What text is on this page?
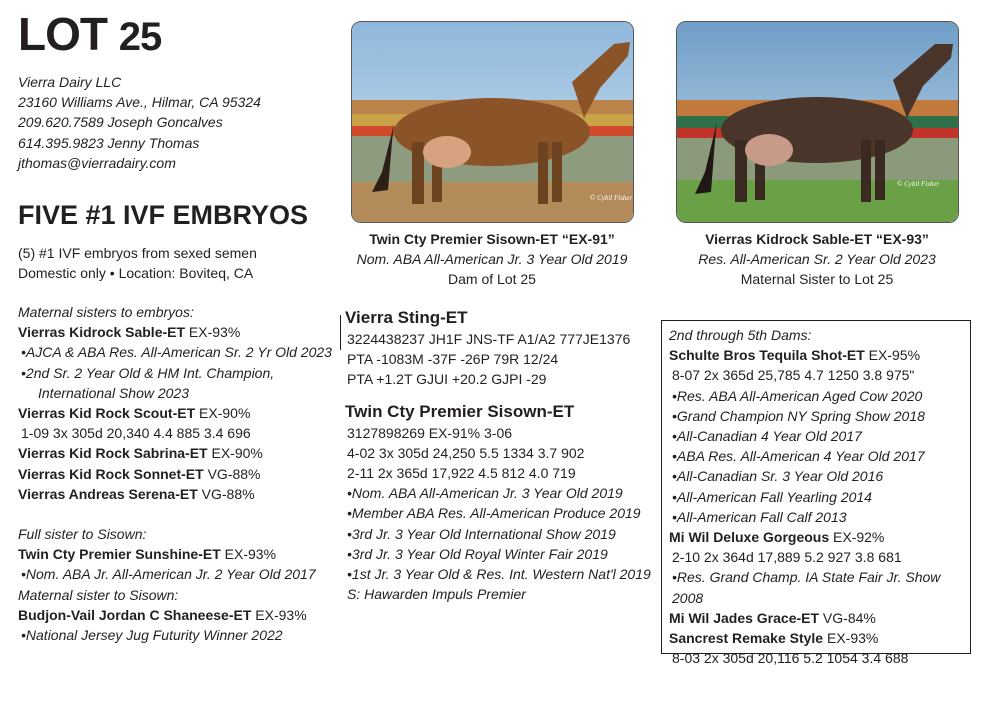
LOT 25
Vierra Dairy LLC
23160 Williams Ave., Hilmar, CA 95324
209.620.7589 Joseph Goncalves
614.395.9823 Jenny Thomas
jthomas@vierradairy.com
FIVE #1 IVF EMBRYOS
(5) #1 IVF embryos from sexed semen
Domestic only • Location: Boviteq, CA
Maternal sisters to embryos:
Vierras Kidrock Sable-ET EX-93%
•AJCA & ABA Res. All-American Sr. 2 Yr Old 2023
•2nd Sr. 2 Year Old & HM Int. Champion,
International Show 2023
Vierras Kid Rock Scout-ET EX-90%
1-09 3x 305d 20,340 4.4 885 3.4 696
Vierras Kid Rock Sabrina-ET EX-90%
Vierras Kid Rock Sonnet-ET VG-88%
Vierras Andreas Serena-ET VG-88%
Full sister to Sisown:
Twin Cty Premier Sunshine-ET EX-93%
•Nom. ABA Jr. All-American Jr. 2 Year Old 2017
Maternal sister to Sisown:
Budjon-Vail Jordan C Shaneese-ET EX-93%
•National Jersey Jug Futurity Winner 2022
Vierra Sting-ET
3224438237 JH1F JNS-TF A1/A2 777JE1376
PTA -1083M -37F -26P 79R 12/24
PTA +1.2T GJUI +20.2 GJPI -29
Twin Cty Premier Sisown-ET
3127898269 EX-91% 3-06
4-02 3x 305d 24,250 5.5 1334 3.7 902
2-11 2x 365d 17,922 4.5 812 4.0 719
•Nom. ABA All-American Jr. 3 Year Old 2019
•Member ABA Res. All-American Produce 2019
•3rd Jr. 3 Year Old International Show 2019
•3rd Jr. 3 Year Old Royal Winter Fair 2019
•1st Jr. 3 Year Old & Res. Int. Western Nat'l 2019
S: Hawarden Impuls Premier
2nd through 5th Dams:
Schulte Bros Tequila Shot-ET EX-95%
8-07 2x 365d 25,785 4.7 1250 3.8 975"
•Res. ABA All-American Aged Cow 2020
•Grand Champion NY Spring Show 2018
•All-Canadian 4 Year Old 2017
•ABA Res. All-American 4 Year Old 2017
•All-Canadian Sr. 3 Year Old 2016
•All-American Fall Yearling 2014
•All-American Fall Calf 2013
Mi Wil Deluxe Gorgeous EX-92%
2-10 2x 364d 17,889 5.2 927 3.8 681
•Res. Grand Champ. IA State Fair Jr. Show 2008
Mi Wil Jades Grace-ET VG-84%
Sancrest Remake Style EX-93%
8-03 2x 305d 20,116 5.2 1054 3.4 688
© Cybil Fisher
Twin Cty Premier Sisown-ET “EX-91”
Nom. ABA All-American Jr. 3 Year Old 2019
Dam of Lot 25
© Cybil Fisher
Vierras Kidrock Sable-ET “EX-93”
Res. All-American Sr. 2 Year Old 2023
Maternal Sister to Lot 25
